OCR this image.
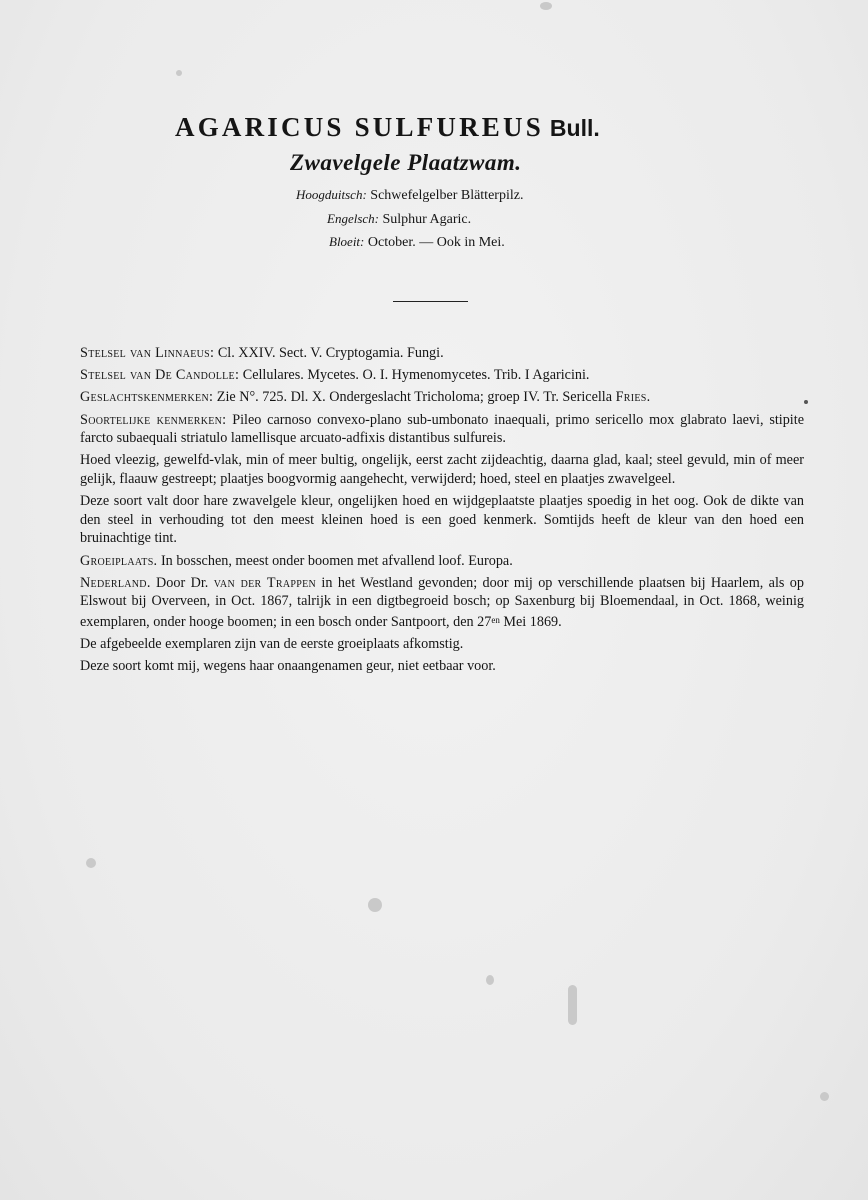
AGARICUS SULFUREUS Bull.
Zwavelgele Plaatzwam.
Hoogduitsch: Schwefelgelber Blätterpilz.
Engelsch: Sulphur Agaric.
Bloeit: October. — Ook in Mei.

Stelsel van Linnaeus: Cl. XXIV. Sect. V. Cryptogamia. Fungi.

Stelsel van De Candolle: Cellulares. Mycetes. O. I. Hymenomycetes. Trib. I Agaricini.

Geslachtskenmerken: Zie N°. 725. Dl. X. Ondergeslacht Tricholoma; groep IV. Tr. Sericella Fries.

Soortelijke kenmerken: Pileo carnoso convexo-plano sub-umbonato inaequali, primo sericello mox glabrato laevi, stipite farcto subaequali striatulo lamellisque arcuato-adfixis distantibus sulfureis.

Hoed vleezig, gewelfd-vlak, min of meer bultig, ongelijk, eerst zacht zijdeachtig, daarna glad, kaal; steel gevuld, min of meer gelijk, flaauw gestreept; plaatjes boogvormig aangehecht, verwijderd; hoed, steel en plaatjes zwavelgeel.

Deze soort valt door hare zwavelgele kleur, ongelijken hoed en wijdgeplaatste plaatjes spoedig in het oog. Ook de dikte van den steel in verhouding tot den meest kleinen hoed is een goed kenmerk. Somtijds heeft de kleur van den hoed een bruinachtige tint.

Groeiplaats. In bosschen, meest onder boomen met afvallend loof. Europa.

Nederland. Door Dr. van der Trappen in het Westland gevonden; door mij op verschillende plaatsen bij Haarlem, als op Elswout bij Overveen, in Oct. 1867, talrijk in een digtbegroeid bosch; op Saxenburg bij Bloemendaal, in Oct. 1868, weinig exemplaren, onder hooge boomen; in een bosch onder Santpoort, den $27^{en}$ Mei 1869.

De afgebeelde exemplaren zijn van de eerste groeiplaats afkomstig.

Deze soort komt mij, wegens haar onaangenamen geur, niet eetbaar voor.
